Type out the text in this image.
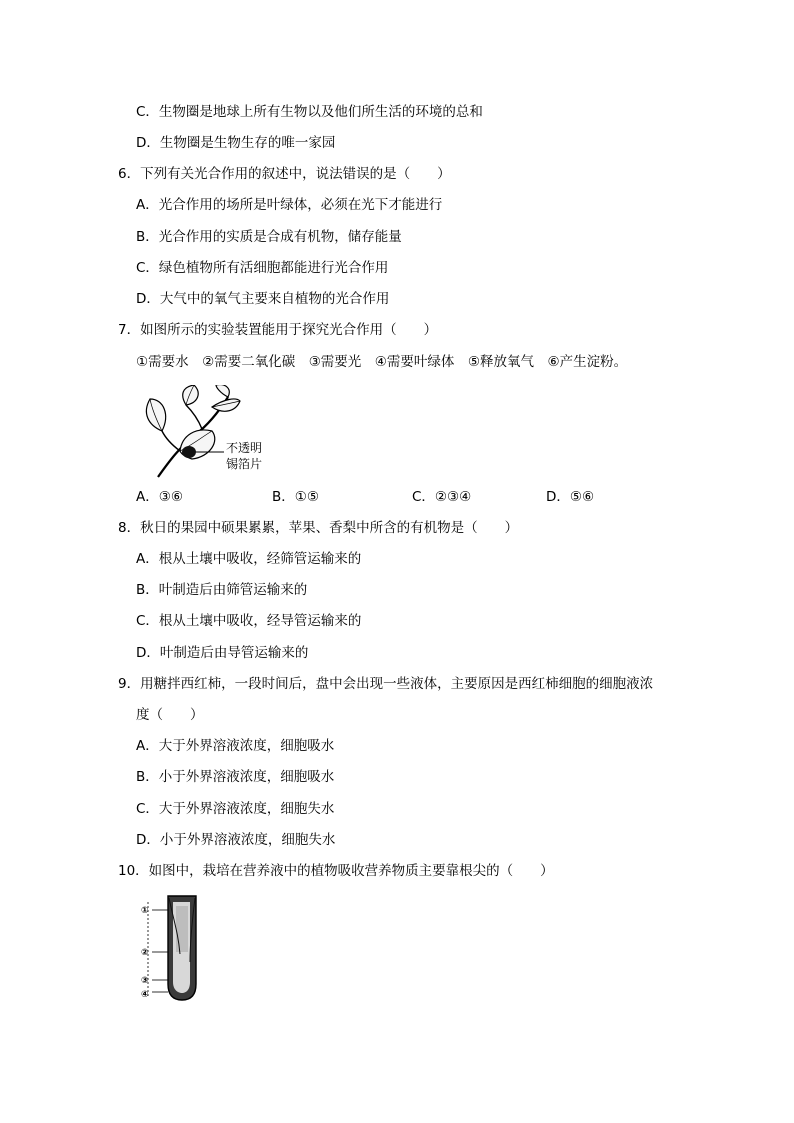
C．生物圈是地球上所有生物以及他们所生活的环境的总和
D．生物圈是生物生存的唯一家园
6．下列有关光合作用的叙述中，说法错误的是（　　）
A．光合作用的场所是叶绿体，必须在光下才能进行
B．光合作用的实质是合成有机物，储存能量
C．绿色植物所有活细胞都能进行光合作用
D．大气中的氧气主要来自植物的光合作用
7．如图所示的实验装置能用于探究光合作用（　　）
①需要水　②需要二氧化碳　③需要光　④需要叶绿体　⑤释放氧气　⑥产生淀粉。
不透明
锡箔片
A．③⑥	B．①⑤	C．②③④	D．⑤⑥
8．秋日的果园中硕果累累，苹果、香梨中所含的有机物是（　　）
A．根从土壤中吸收，经筛管运输来的
B．叶制造后由筛管运输来的
C．根从土壤中吸收，经导管运输来的
D．叶制造后由导管运输来的
9．用糖拌西红柿，一段时间后，盘中会出现一些液体，主要原因是西红柿细胞的细胞液浓
度（　　）
A．大于外界溶液浓度，细胞吸水
B．小于外界溶液浓度，细胞吸水
C．大于外界溶液浓度，细胞失水
D．小于外界溶液浓度，细胞失水
10．如图中，栽培在营养液中的植物吸收营养物质主要靠根尖的（　　）
①
②
③
④
